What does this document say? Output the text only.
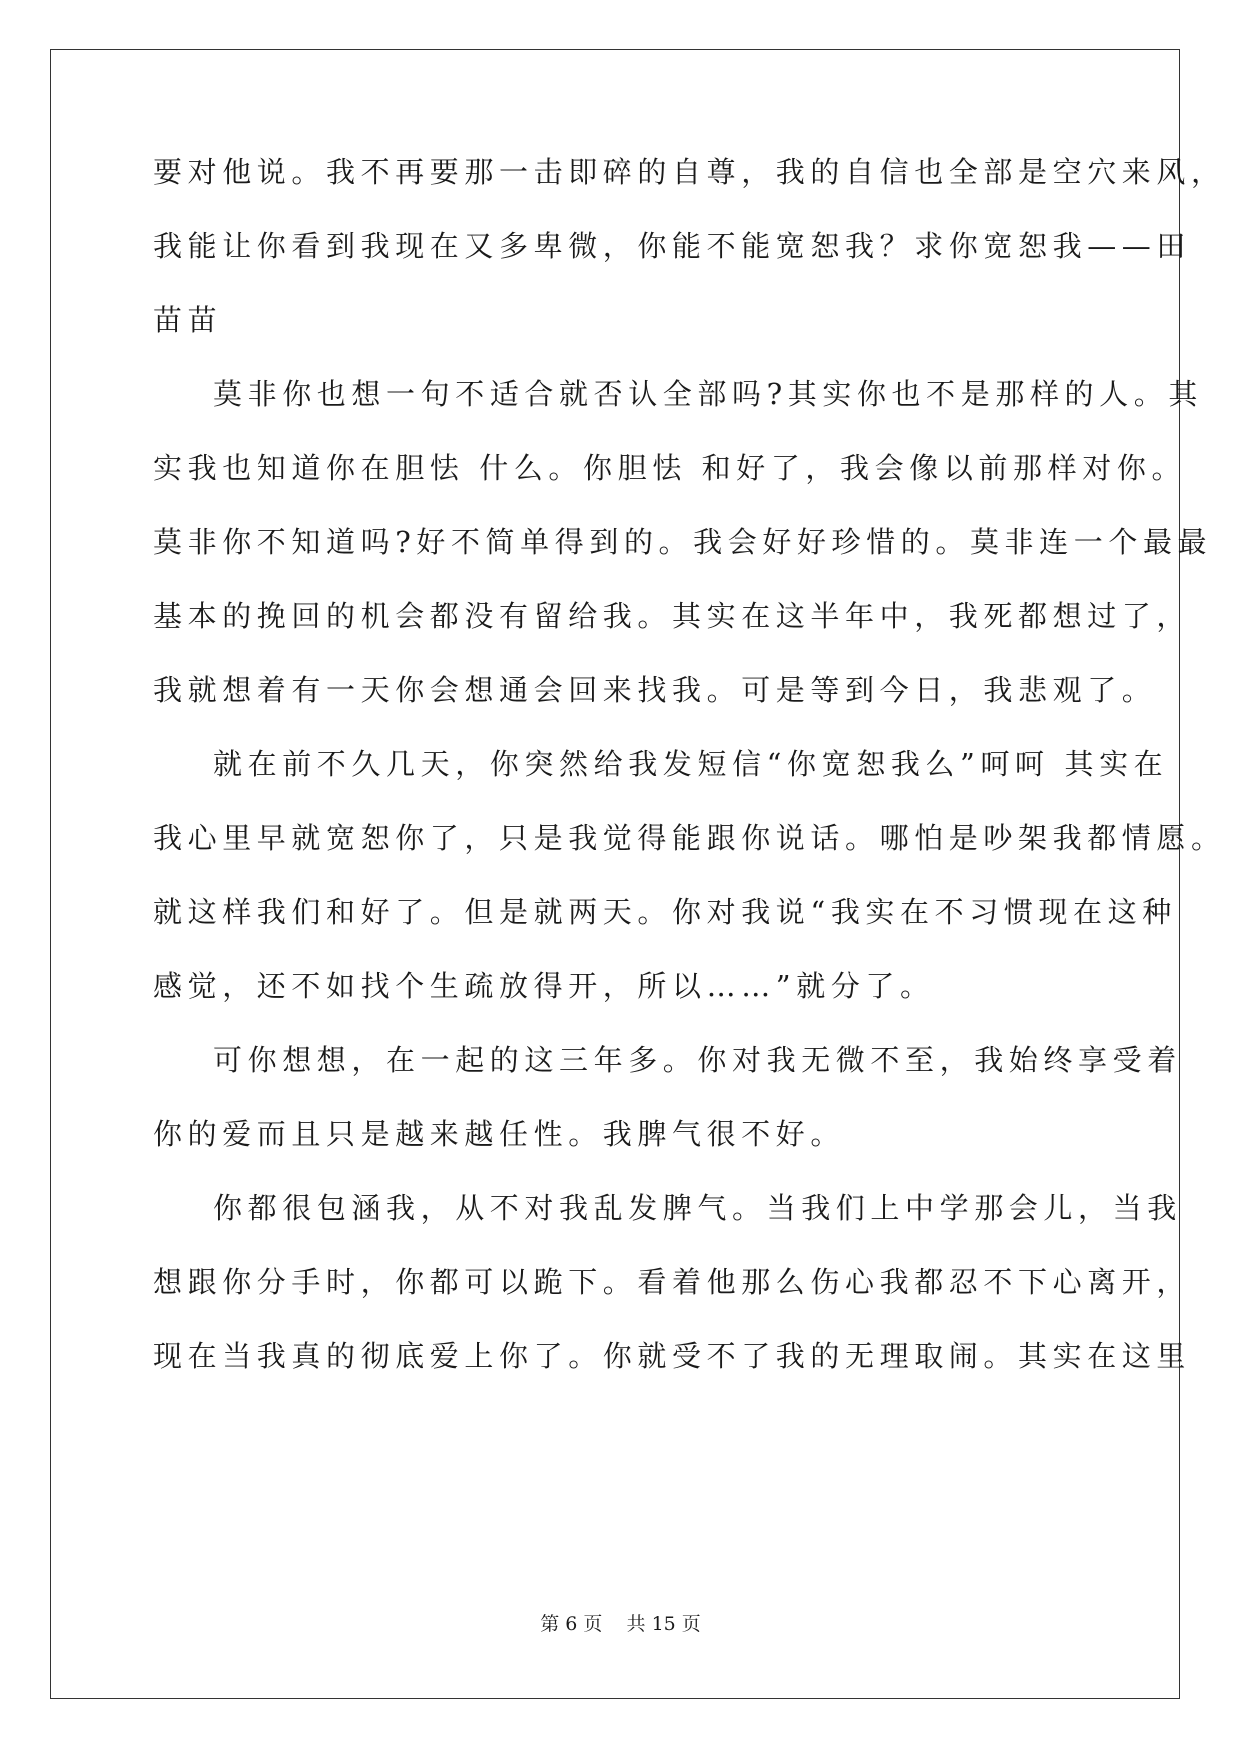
要对他说。我不再要那一击即碎的自尊，我的自信也全部是空穴来风，
我能让你看到我现在又多卑微，你能不能宽恕我？求你宽恕我——田
苗苗
莫非你也想一句不适合就否认全部吗?其实你也不是那样的人。其
实我也知道你在胆怯 什么。你胆怯 和好了，我会像以前那样对你。
莫非你不知道吗?好不简单得到的。我会好好珍惜的。莫非连一个最最
基本的挽回的机会都没有留给我。其实在这半年中，我死都想过了，
我就想着有一天你会想通会回来找我。可是等到今日，我悲观了。
就在前不久几天，你突然给我发短信“你宽恕我么”呵呵 其实在
我心里早就宽恕你了，只是我觉得能跟你说话。哪怕是吵架我都情愿。
就这样我们和好了。但是就两天。你对我说“我实在不习惯现在这种
感觉，还不如找个生疏放得开，所以……”就分了。
可你想想，在一起的这三年多。你对我无微不至，我始终享受着
你的爱而且只是越来越任性。我脾气很不好。
你都很包涵我，从不对我乱发脾气。当我们上中学那会儿，当我
想跟你分手时，你都可以跪下。看着他那么伤心我都忍不下心离开，
现在当我真的彻底爱上你了。你就受不了我的无理取闹。其实在这里
第 6 页    共 15 页
